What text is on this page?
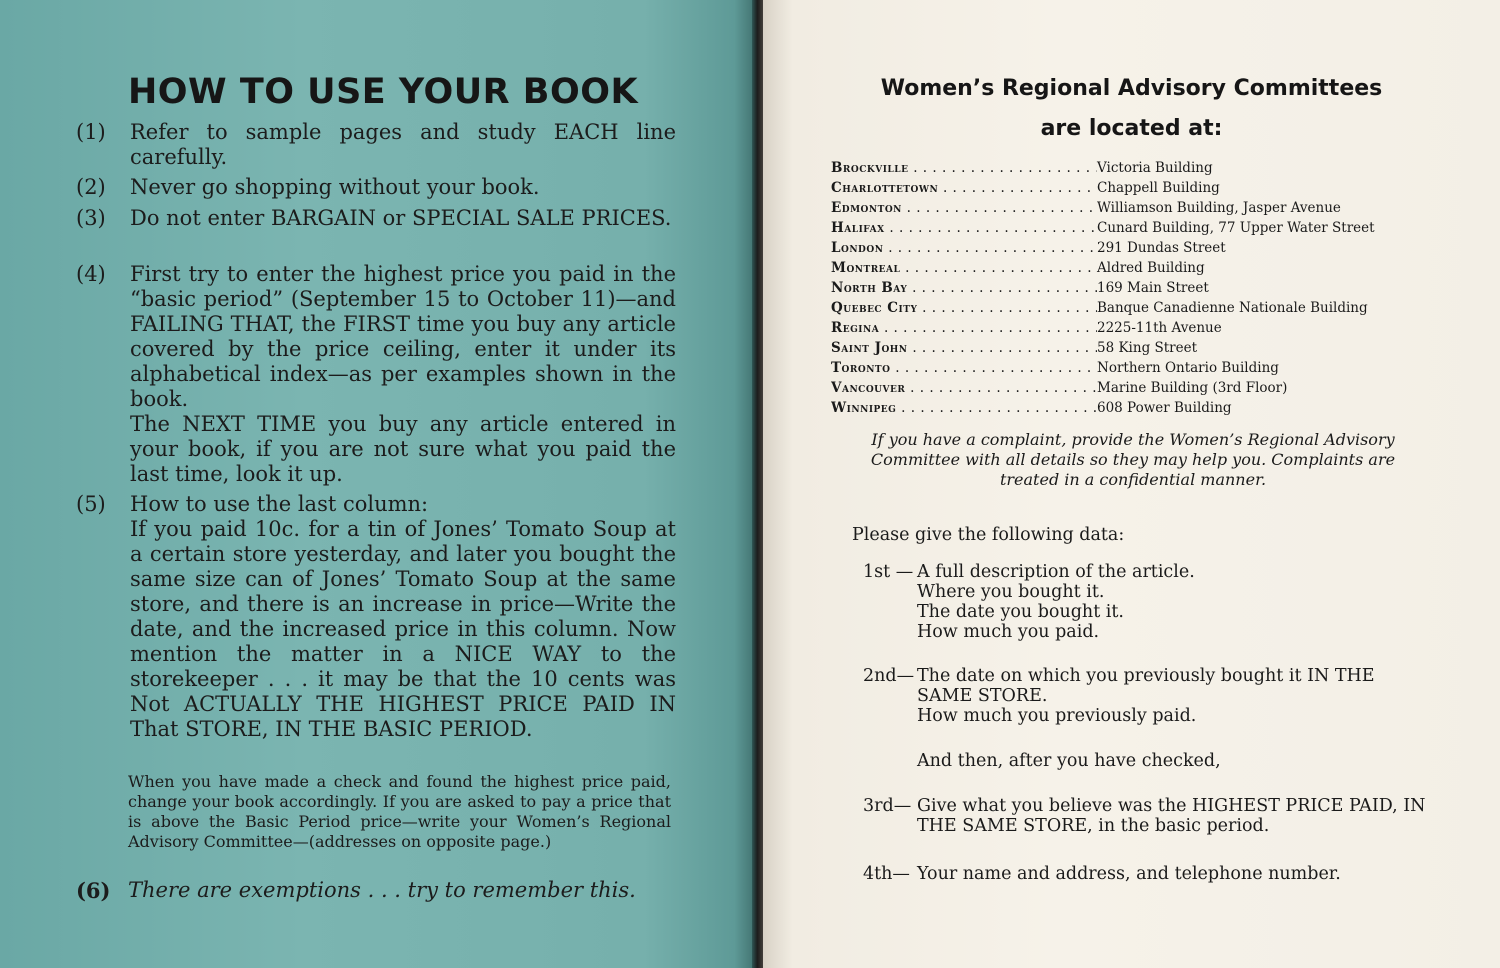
HOW TO USE YOUR BOOK
(1) Refer to sample pages and study EACH line carefully.
(2) Never go shopping without your book.
(3) Do not enter BARGAIN or SPECIAL SALE PRICES.
(4) First try to enter the highest price you paid in the “basic period” (September 15 to October 11)—and FAILING THAT, the FIRST time you buy any article covered by the price ceiling, enter it under its alphabetical index—as per examples shown in the book.
The NEXT TIME you buy any article entered in your book, if you are not sure what you paid the last time, look it up.
(5) How to use the last column:
If you paid 10c. for a tin of Jones’ Tomato Soup at a certain store yesterday, and later you bought the same size can of Jones’ Tomato Soup at the same store, and there is an increase in price—Write the date, and the increased price in this column. Now mention the matter in a NICE WAY to the storekeeper . . . it may be that the 10 cents was Not ACTUALLY THE HIGHEST PRICE PAID IN That STORE, IN THE BASIC PERIOD.
When you have made a check and found the highest price paid, change your book accordingly. If you are asked to pay a price that is above the Basic Period price—write your Women’s Regional Advisory Committee—(addresses on opposite page.)
(6) There are exemptions . . . try to remember this.
Women’s Regional Advisory Committees
are located at:
Brockville . . .	Victoria Building
Charlottetown . . .	Chappell Building
Edmonton . . .	Williamson Building, Jasper Avenue
Halifax . . .	Cunard Building, 77 Upper Water Street
London . . .	291 Dundas Street
Montreal . . .	Aldred Building
North Bay . . .	169 Main Street
Quebec City . . .	Banque Canadienne Nationale Building
Regina . . .	2225-11th Avenue
Saint John . . .	58 King Street
Toronto . . .	Northern Ontario Building
Vancouver . . .	Marine Building (3rd Floor)
Winnipeg . . .	608 Power Building
If you have a complaint, provide the Women’s Regional Advisory Committee with all details so they may help you. Complaints are treated in a confidential manner.
Please give the following data:
1st — A full description of the article.
Where you bought it.
The date you bought it.
How much you paid.
2nd— The date on which you previously bought it IN THE SAME STORE.
How much you previously paid.
And then, after you have checked,
3rd— Give what you believe was the HIGHEST PRICE PAID, IN THE SAME STORE, in the basic period.
4th— Your name and address, and telephone number.
